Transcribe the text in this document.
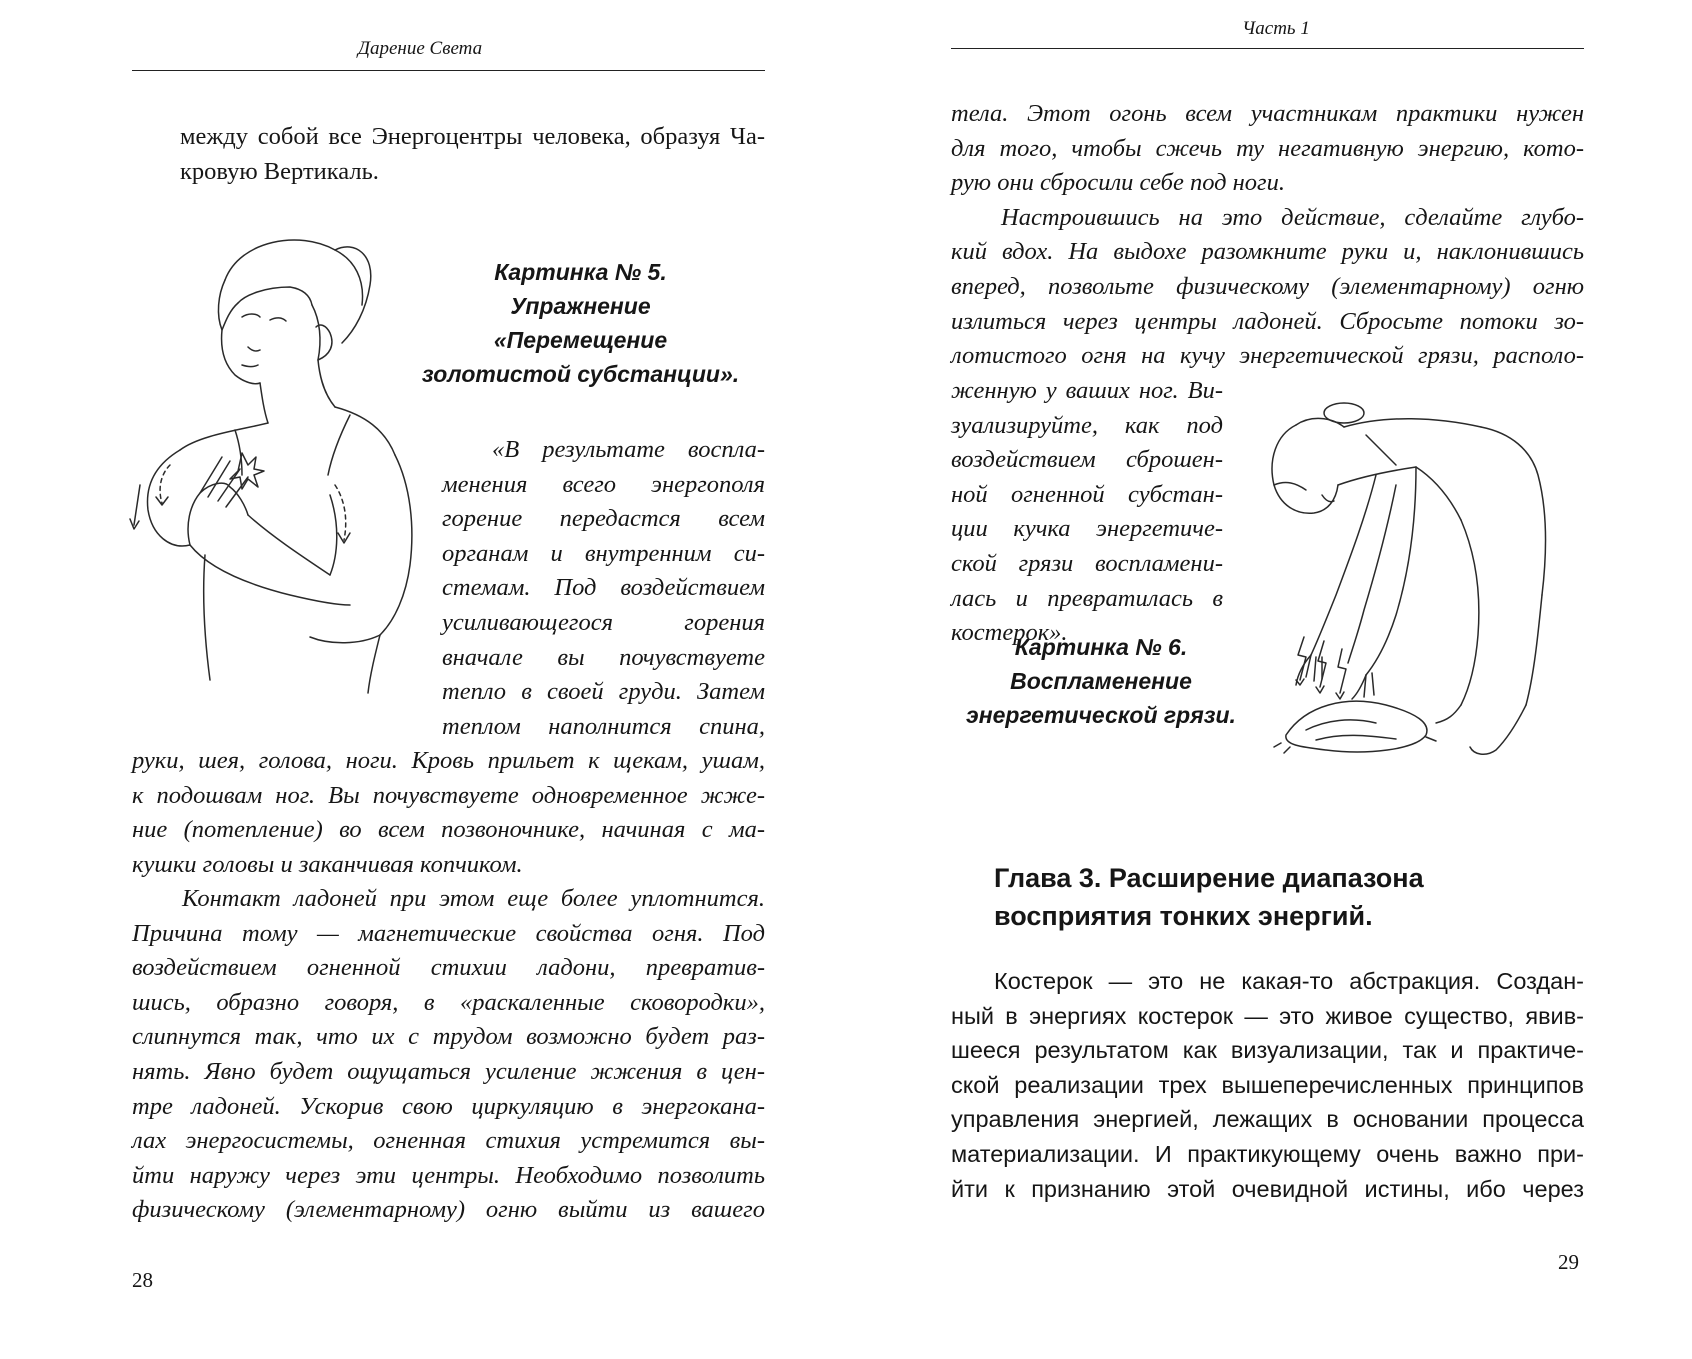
Дарение Света
между собой все Энергоцентры человека, образуя Ча-
кровую Вертикаль.
Картинка № 5.
Упражнение
«Перемещение
золотистой субстанции».
«В результате воспла-
менения всего энергополя
горение передастся всем
органам и внутренним си-
стемам. Под воздействием
усиливающегося горения
вначале вы почувствуете
тепло в своей груди. Затем
теплом наполнится спина,
руки, шея, голова, ноги. Кровь прильет к щекам, ушам,
к подошвам ног. Вы почувствуете одновременное жже-
ние (потепление) во всем позвоночнике, начиная с ма-
кушки головы и заканчивая копчиком.
Контакт ладоней при этом еще более уплотнится.
Причина тому — магнетические свойства огня. Под
воздействием огненной стихии ладони, превратив-
шись, образно говоря, в «раскаленные сковородки»,
слипнутся так, что их с трудом возможно будет раз-
нять. Явно будет ощущаться усиление жжения в цен-
тре ладоней. Ускорив свою циркуляцию в энергокана-
лах энергосистемы, огненная стихия устремится вы-
йти наружу через эти центры. Необходимо позволить
физическому (элементарному) огню выйти из вашего
28
Часть 1
тела. Этот огонь всем участникам практики нужен
для того, чтобы сжечь ту негативную энергию, кото-
рую они сбросили себе под ноги.
Настроившись на это действие, сделайте глубо-
кий вдох. На выдохе разомкните руки и, наклонившись
вперед, позвольте физическому (элементарному) огню
излиться через центры ладоней. Сбросьте потоки зо-
лотистого огня на кучу энергетической грязи, располо-
женную у ваших ног. Ви-
зуализируйте, как под
воздействием сброшен-
ной огненной субстан-
ции кучка энергетиче-
ской грязи воспламени-
лась и превратилась в
костерок».
Картинка № 6.
Воспламенение
энергетической грязи.
Глава 3. Расширение диапазона
восприятия тонких энергий.
Костерок — это не какая-то абстракция. Создан-
ный в энергиях костерок — это живое существо, явив-
шееся результатом как визуализации, так и практиче-
ской реализации трех вышеперечисленных принципов
управления энергией, лежащих в основании процесса
материализации. И практикующему очень важно при-
йти к признанию этой очевидной истины, ибо через
29
